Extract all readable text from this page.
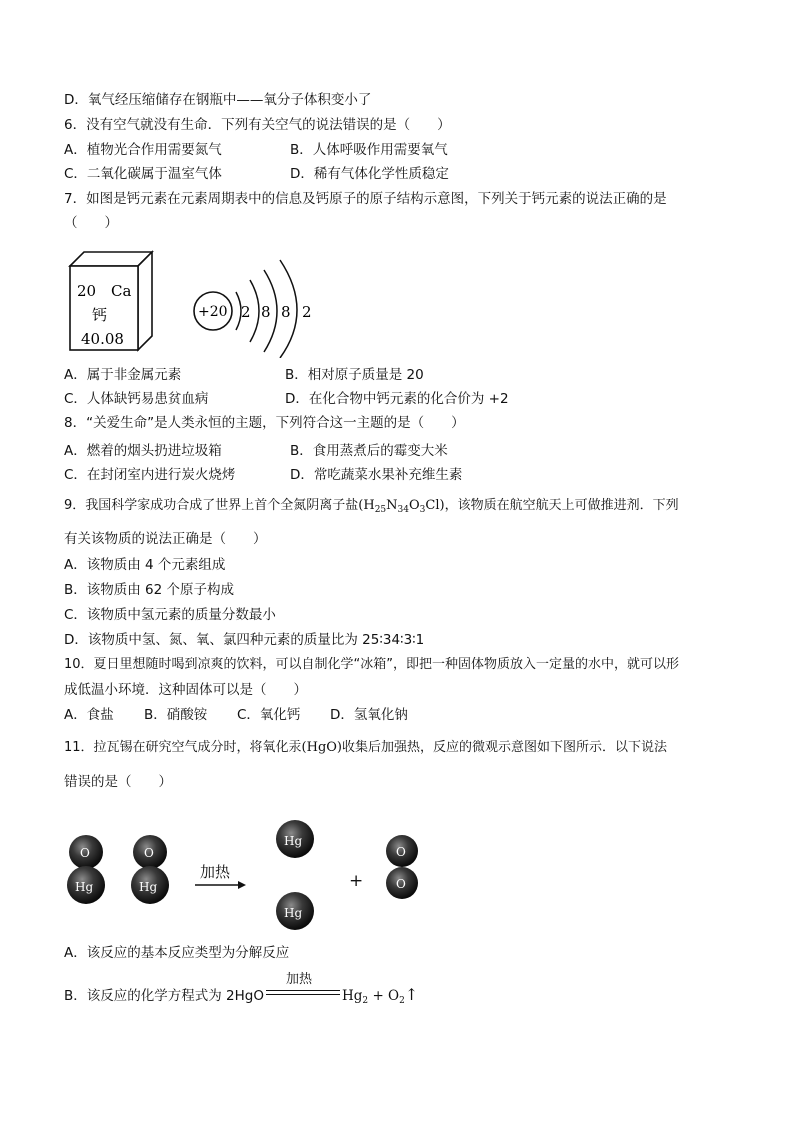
D．氧气经压缩储存在钢瓶中——氧分子体积变小了
6．没有空气就没有生命．下列有关空气的说法错误的是（　　）
A．植物光合作用需要氮气	B．人体呼吸作用需要氧气
C．二氧化碳属于温室气体	D．稀有气体化学性质稳定
7．如图是钙元素在元素周期表中的信息及钙原子的原子结构示意图，下列关于钙元素的说法正确的是
（　　）
20 Ca
钙
40.08
+20 2 8 8 2
A．属于非金属元素	B．相对原子质量是 20
C．人体缺钙易患贫血病	D．在化合物中钙元素的化合价为 +2
8．“关爱生命”是人类永恒的主题，下列符合这一主题的是（　　）
A．燃着的烟头扔进垃圾箱	B．食用蒸煮后的霉变大米
C．在封闭室内进行炭火烧烤	D．常吃蔬菜水果补充维生素
9．我国科学家成功合成了世界上首个全氮阴离子盐$(H_{25}N_{34}O_3Cl)$，该物质在航空航天上可做推进剂．下列
有关该物质的说法正确是（　　）
A．该物质由 4 个元素组成
B．该物质由 62 个原子构成
C．该物质中氢元素的质量分数最小
D．该物质中氢、氮、氧、氯四种元素的质量比为 25∶34∶3∶1
10．夏日里想随时喝到凉爽的饮料，可以自制化学“冰箱”，即把一种固体物质放入一定量的水中，就可以形
成低温小环境．这种固体可以是（　　）
A．食盐 B．硝酸铵 C．氧化钙 D．氢氧化钠
11．拉瓦锡在研究空气成分时，将氧化汞(HgO)收集后加强热，反应的微观示意图如下图所示．以下说法
错误的是（　　）
O
Hg
O
Hg
加热
Hg
Hg
+
O
O
A．该反应的基本反应类型为分解反应
B．该反应的化学方程式为 2HgO
加热
$Hg_2$ + $O_2↑$
